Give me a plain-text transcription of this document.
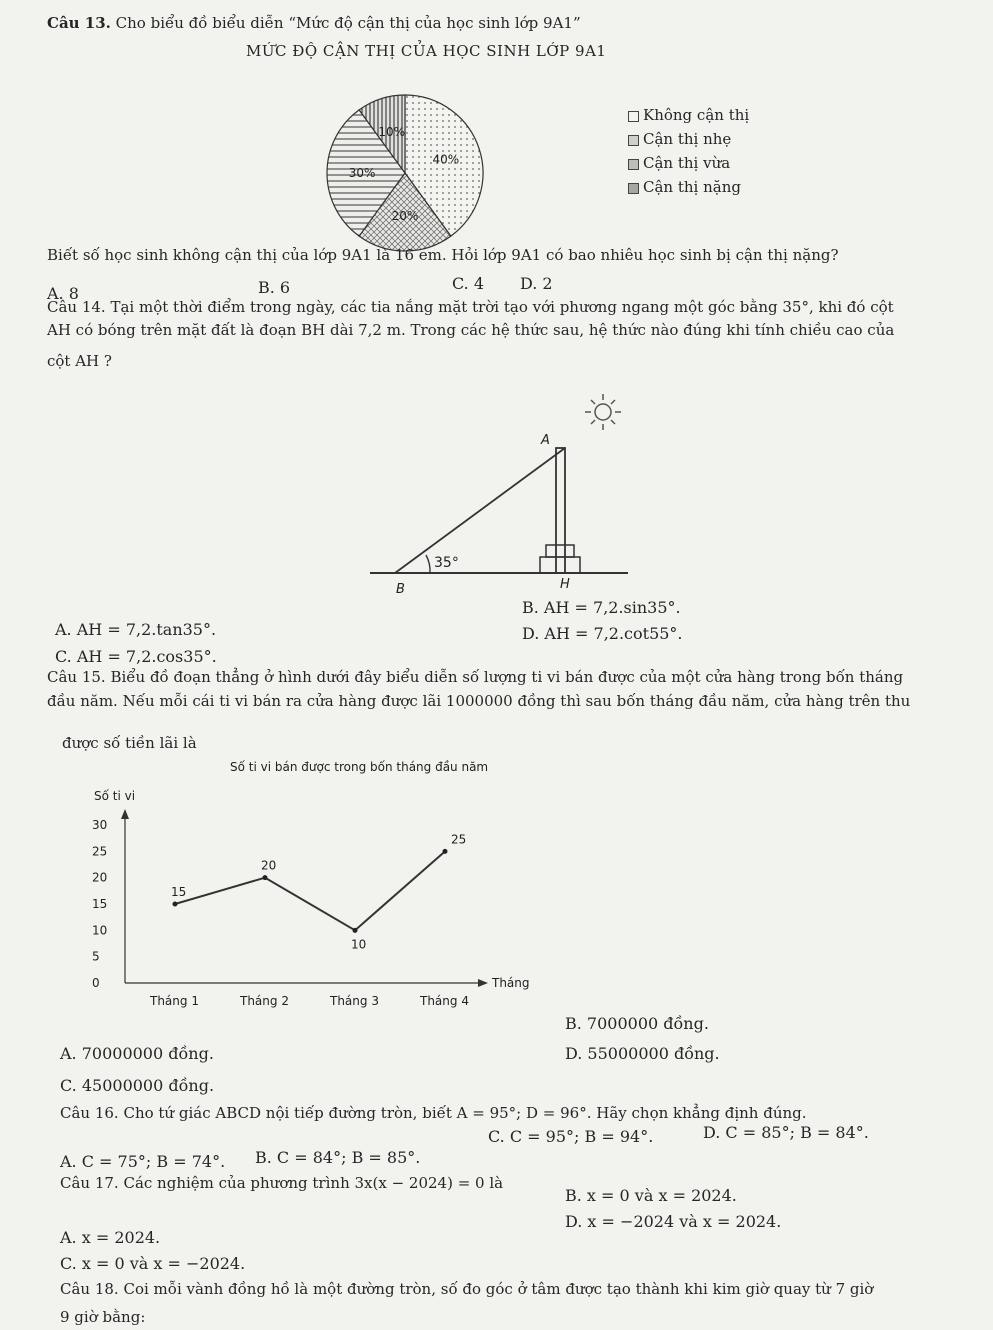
Câu 13. Cho biểu đồ biểu diễn “Mức độ cận thị của học sinh lớp 9A1”
MỨC ĐỘ CẬN THỊ CỦA HỌC SINH LỚP 9A1
40%
20%
30%
10%
Không cận thị
Cận thị nhẹ
Cận thị vừa
Cận thị nặng
Biết số học sinh không cận thị của lớp 9A1 là 16 em. Hỏi lớp 9A1 có bao nhiêu học sinh bị cận thị nặng?
A. 8	B. 6	C. 4 D. 2
Câu 14. Tại một thời điểm trong ngày, các tia nắng mặt trời tạo với phương ngang một góc bằng 35°, khi đó cột
AH có bóng trên mặt đất là đoạn BH dài 7,2 m. Trong các hệ thức sau, hệ thức nào đúng khi tính chiều cao của
cột AH ?
35°
A
B	H
A. AH = 7,2.tan35°.
B. AH = 7,2.sin35°.
C. AH = 7,2.cos35°.
D. AH = 7,2.cot55°.
Câu 15. Biểu đồ đoạn thẳng ở hình dưới đây biểu diễn số lượng ti vi bán được của một cửa hàng trong bốn tháng
đầu năm. Nếu mỗi cái ti vi bán ra cửa hàng được lãi 1000000 đồng thì sau bốn tháng đầu năm, cửa hàng trên thu
được số tiền lãi là
Số ti vi bán được trong bốn tháng đầu năm
Số ti vi
Tháng
0
5
10
15
20
25
30
Tháng 1	Tháng 2	Tháng 3	Tháng 4
15
20
10
25
B. 7000000 đồng.
A. 70000000 đồng.	D. 55000000 đồng.
C. 45000000 đồng.
Câu 16. Cho tứ giác ABCD nội tiếp đường tròn, biết A = 95°; D = 96°. Hãy chọn khẳng định đúng.
A. C = 75°; B = 74°. B. C = 84°; B = 85°.
C. C = 95°; B = 94°.	D. C = 85°; B = 84°.
Câu 17. Các nghiệm của phương trình 3x(x − 2024) = 0 là
B. x = 0 và x = 2024.
A. x = 2024.
D. x = −2024 và x = 2024.
C. x = 0 và x = −2024.
Câu 18. Coi mỗi vành đồng hồ là một đường tròn, số đo góc ở tâm được tạo thành khi kim giờ quay từ 7 giờ
9 giờ bằng:
